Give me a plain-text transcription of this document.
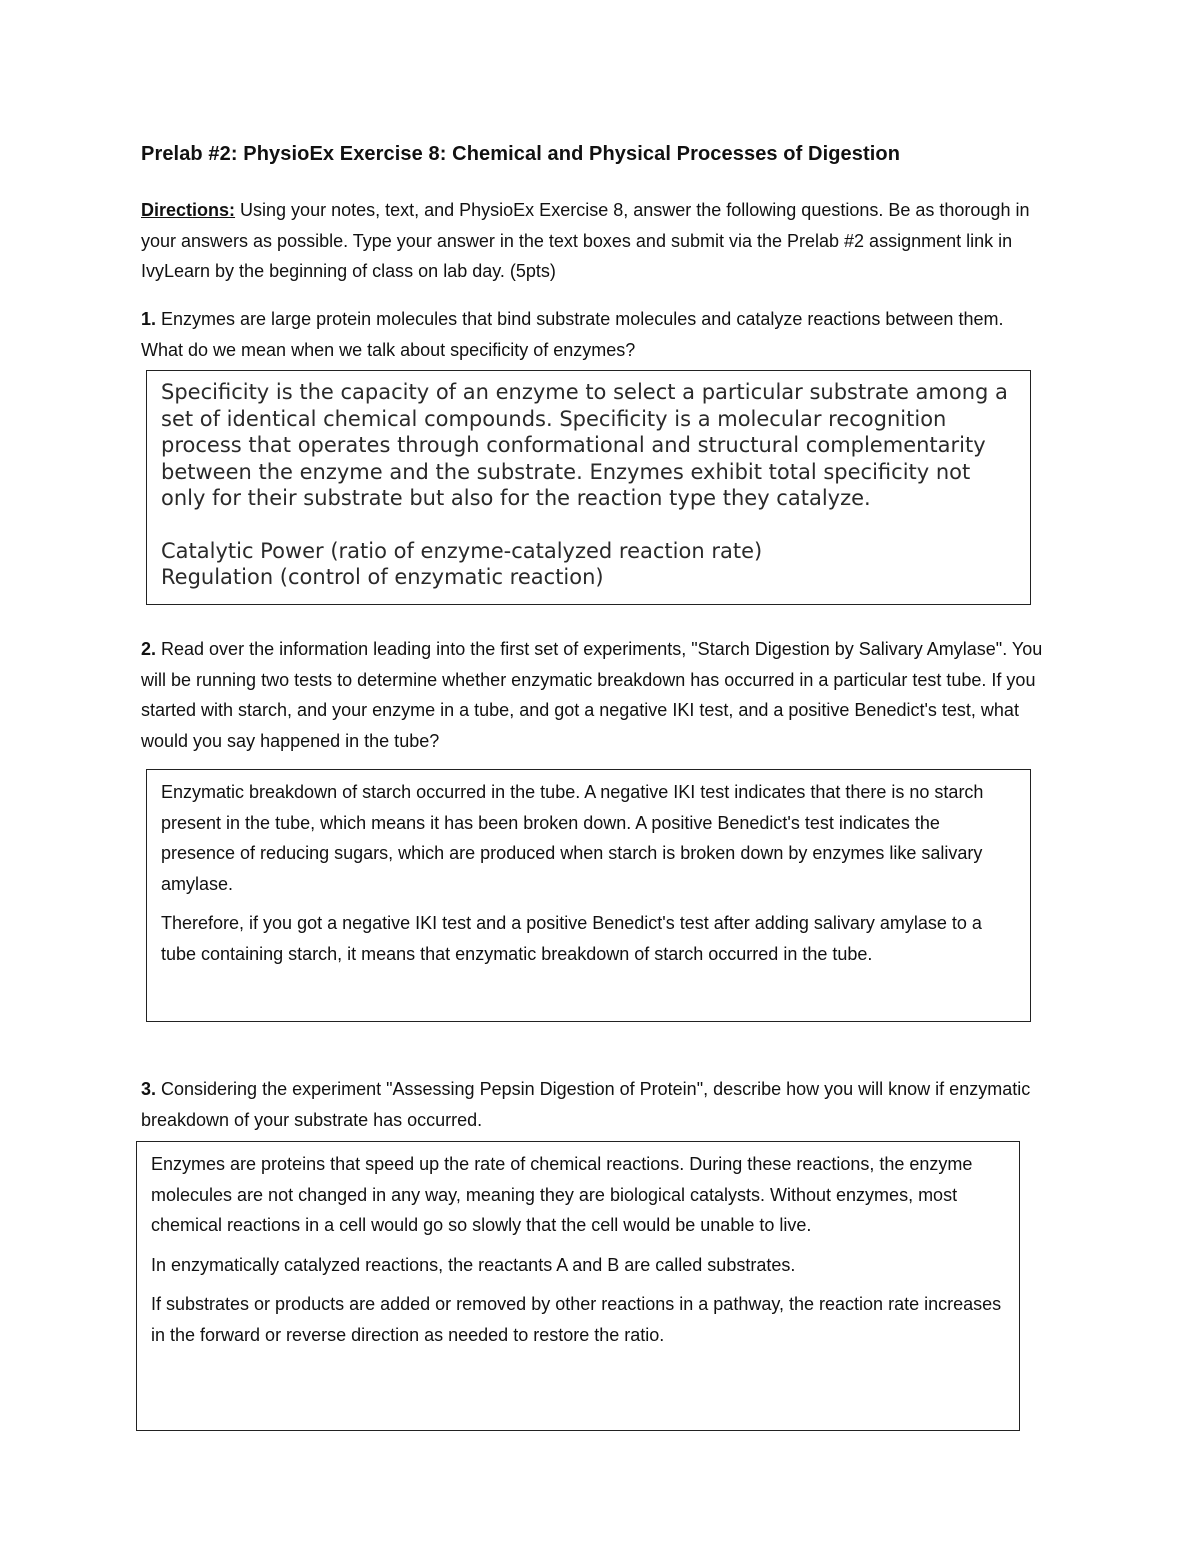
Prelab #2: PhysioEx Exercise 8: Chemical and Physical Processes of Digestion
Directions: Using your notes, text, and PhysioEx Exercise 8, answer the following questions. Be as thorough in your answers as possible. Type your answer in the text boxes and submit via the Prelab #2 assignment link in IvyLearn by the beginning of class on lab day. (5pts)
1. Enzymes are large protein molecules that bind substrate molecules and catalyze reactions between them. What do we mean when we talk about specificity of enzymes?

Specificity is the capacity of an enzyme to select a particular substrate among a set of identical chemical compounds. Specificity is a molecular recognition process that operates through conformational and structural complementarity between the enzyme and the substrate. Enzymes exhibit total specificity not only for their substrate but also for the reaction type they catalyze.

Catalytic Power (ratio of enzyme-catalyzed reaction rate)

Regulation (control of enzymatic reaction)

2. Read over the information leading into the first set of experiments, "Starch Digestion by Salivary Amylase". You will be running two tests to determine whether enzymatic breakdown has occurred in a particular test tube. If you started with starch, and your enzyme in a tube, and got a negative IKI test, and a positive Benedict's test, what would you say happened in the tube?

Enzymatic breakdown of starch occurred in the tube. A negative IKI test indicates that there is no starch present in the tube, which means it has been broken down. A positive Benedict's test indicates the presence of reducing sugars, which are produced when starch is broken down by enzymes like salivary amylase.

Therefore, if you got a negative IKI test and a positive Benedict's test after adding salivary amylase to a tube containing starch, it means that enzymatic breakdown of starch occurred in the tube.

3. Considering the experiment "Assessing Pepsin Digestion of Protein", describe how you will know if enzymatic breakdown of your substrate has occurred.

Enzymes are proteins that speed up the rate of chemical reactions. During these reactions, the enzyme molecules are not changed in any way, meaning they are biological catalysts. Without enzymes, most chemical reactions in a cell would go so slowly that the cell would be unable to live.

In enzymatically catalyzed reactions, the reactants A and B are called substrates.

If substrates or products are added or removed by other reactions in a pathway, the reaction rate increases in the forward or reverse direction as needed to restore the ratio.
